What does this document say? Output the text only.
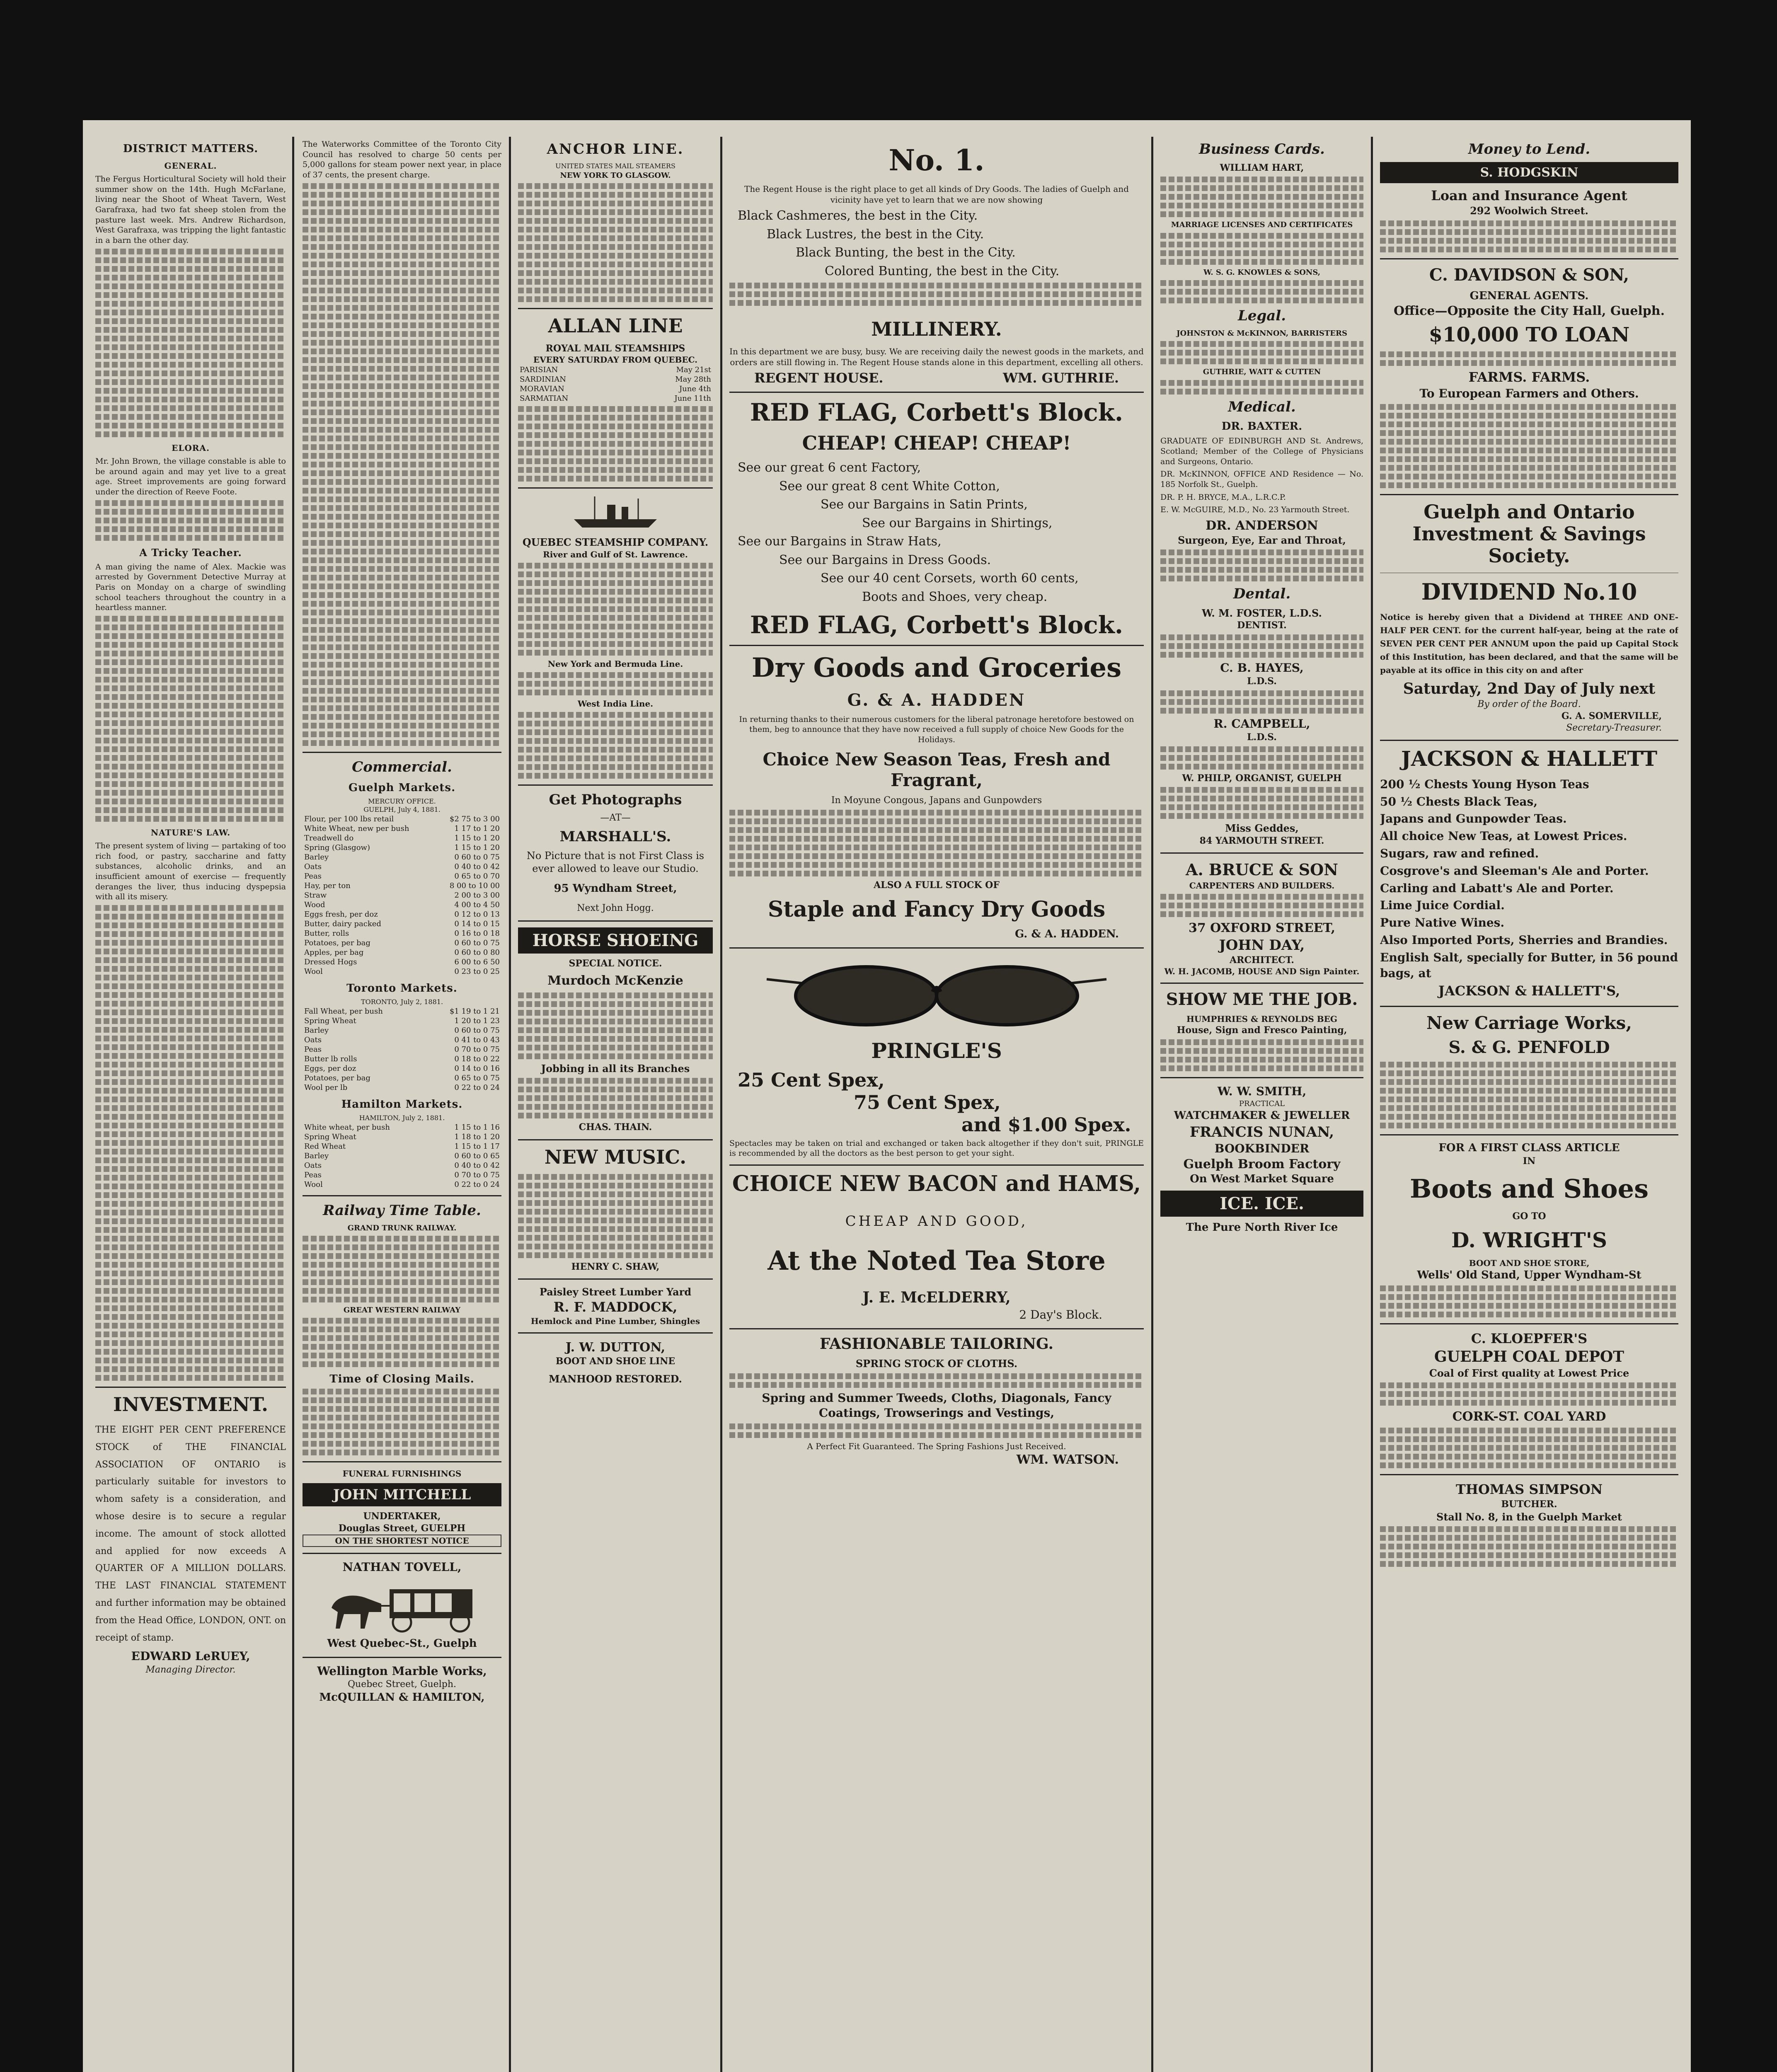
DISTRICT MATTERS.
GENERAL.

The Fergus Horticultural Society will hold their summer show on the 14th. Hugh McFarlane, living near the Shoot of Wheat Tavern, West Garafraxa, had two fat sheep stolen from the pasture last week. Mrs. Andrew Richardson, West Garafraxa, was tripping the light fantastic in a barn the other day.

ELORA.

Mr. John Brown, the village constable is able to be around again and may yet live to a great age. Street improvements are going forward under the direction of Reeve Foote.

A Tricky Teacher.

A man giving the name of Alex. Mackie was arrested by Government Detective Murray at Paris on Monday on a charge of swindling school teachers throughout the country in a heartless manner.

NATURE'S LAW.

The present system of living — partaking of too rich food, or pastry, saccharine and fatty substances, alcoholic drinks, and an insufficient amount of exercise — frequently deranges the liver, thus inducing dyspepsia with all its misery.

INVESTMENT.

THE EIGHT PER CENT PREFERENCE STOCK of THE FINANCIAL ASSOCIATION OF ONTARIO is particularly suitable for investors to whom safety is a consideration, and whose desire is to secure a regular income. The amount of stock allotted and applied for now exceeds A QUARTER OF A MILLION DOLLARS. THE LAST FINANCIAL STATEMENT and further information may be obtained from the Head Office, LONDON, ONT. on receipt of stamp.

EDWARD LeRUEY,
Managing Director.

The Waterworks Committee of the Toronto City Council has resolved to charge 50 cents per 5,000 gallons for steam power next year, in place of 37 cents, the present charge.

Commercial.
Guelph Markets.
MERCURY OFFICE.
GUELPH, July 4, 1881.
Flour, per 100 lbs retail	$2 75 to 3 00
White Wheat, new per bush	1 17 to 1 20
Treadwell do	1 15 to 1 20
Spring (Glasgow)	1 15 to 1 20
Barley	0 60 to 0 75
Oats	0 40 to 0 42
Peas	0 65 to 0 70
Hay, per ton	8 00 to 10 00
Straw	2 00 to 3 00
Wood	4 00 to 4 50
Eggs fresh, per doz	0 12 to 0 13
Butter, dairy packed	0 14 to 0 15
Butter, rolls	0 16 to 0 18
Potatoes, per bag	0 60 to 0 75
Apples, per bag	0 60 to 0 80
Dressed Hogs	6 00 to 6 50
Wool	0 23 to 0 25
Toronto Markets.
TORONTO, July 2, 1881.
Fall Wheat, per bush	$1 19 to 1 21
Spring Wheat	1 20 to 1 23
Barley	0 60 to 0 75
Oats	0 41 to 0 43
Peas	0 70 to 0 75
Butter lb rolls	0 18 to 0 22
Eggs, per doz	0 14 to 0 16
Potatoes, per bag	0 65 to 0 75
Wool per lb	0 22 to 0 24
Hamilton Markets.
HAMILTON, July 2, 1881.
White wheat, per bush	1 15 to 1 16
Spring Wheat	1 18 to 1 20
Red Wheat	1 15 to 1 17
Barley	0 60 to 0 65
Oats	0 40 to 0 42
Peas	0 70 to 0 75
Wool	0 22 to 0 24
Railway Time Table.
GRAND TRUNK RAILWAY.
GREAT WESTERN RAILWAY
Time of Closing Mails.
FUNERAL FURNISHINGS
JOHN MITCHELL
UNDERTAKER,
Douglas Street, GUELPH
ON THE SHORTEST NOTICE
NATHAN TOVELL,
West Quebec-St., Guelph
Wellington Marble Works,
Quebec Street, Guelph.
McQUILLAN & HAMILTON,
ANCHOR LINE.
UNITED STATES MAIL STEAMERS
NEW YORK TO GLASGOW.
ALLAN LINE
ROYAL MAIL STEAMSHIPS
EVERY SATURDAY FROM QUEBEC.
PARISIAN	May 21st
SARDINIAN	May 28th
MORAVIAN	June 4th
SARMATIAN	June 11th
QUEBEC STEAMSHIP COMPANY.
River and Gulf of St. Lawrence.
New York and Bermuda Line.
West India Line.
Get Photographs
—AT—
MARSHALL'S.
No Picture that is not First Class is ever allowed to leave our Studio.
95 Wyndham Street,
Next John Hogg.
HORSE SHOEING
SPECIAL NOTICE.
Murdoch McKenzie
Jobbing in all its Branches
CHAS. THAIN.
NEW MUSIC.
HENRY C. SHAW,
Paisley Street Lumber Yard
R. F. MADDOCK,
Hemlock and Pine Lumber, Shingles
J. W. DUTTON,
BOOT AND SHOE LINE
MANHOOD RESTORED.
No. 1.

The Regent House is the right place to get all kinds of Dry Goods. The ladies of Guelph and vicinity have yet to learn that we are now showing

Black Cashmeres, the best in the City.
Black Lustres, the best in the City.
Black Bunting, the best in the City.
Colored Bunting, the best in the City.
MILLINERY.

In this department we are busy, busy. We are receiving daily the newest goods in the markets, and orders are still flowing in. The Regent House stands alone in this department, excelling all others.

REGENT HOUSE.	WM. GUTHRIE.
RED FLAG, Corbett's Block.
CHEAP! CHEAP! CHEAP!
See our great 6 cent Factory,
See our great 8 cent White Cotton,
See our Bargains in Satin Prints,
See our Bargains in Shirtings,
See our Bargains in Straw Hats,
See our Bargains in Dress Goods.
See our 40 cent Corsets, worth 60 cents,
Boots and Shoes, very cheap.
RED FLAG, Corbett's Block.
Dry Goods and Groceries
G. & A. HADDEN

In returning thanks to their numerous customers for the liberal patronage heretofore bestowed on them, beg to announce that they have now received a full supply of choice New Goods for the Holidays.

Choice New Season Teas, Fresh and Fragrant,
In Moyune Congous, Japans and Gunpowders
ALSO A FULL STOCK OF
Staple and Fancy Dry Goods
G. & A. HADDEN.
PRINGLE'S
25 Cent Spex,
75 Cent Spex,
and $1.00 Spex.

Spectacles may be taken on trial and exchanged or taken back altogether if they don't suit, PRINGLE is recommended by all the doctors as the best person to get your sight.

CHOICE NEW BACON and HAMS,
CHEAP AND GOOD,
At the Noted Tea Store
J. E. McELDERRY,
2 Day's Block.
FASHIONABLE TAILORING.
SPRING STOCK OF CLOTHS.
Spring and Summer Tweeds, Cloths, Diagonals, Fancy Coatings, Trowserings and Vestings,
A Perfect Fit Guaranteed. The Spring Fashions Just Received.
WM. WATSON.
Business Cards.
WILLIAM HART,
MARRIAGE LICENSES AND CERTIFICATES
W. S. G. KNOWLES & SONS,
Legal.
JOHNSTON & McKINNON, BARRISTERS
GUTHRIE, WATT & CUTTEN
Medical.
DR. BAXTER.

GRADUATE OF EDINBURGH AND St. Andrews, Scotland; Member of the College of Physicians and Surgeons, Ontario.

DR. McKINNON, OFFICE AND Residence — No. 185 Norfolk St., Guelph.

DR. P. H. BRYCE, M.A., L.R.C.P.

E. W. McGUIRE, M.D., No. 23 Yarmouth Street.

DR. ANDERSON
Surgeon, Eye, Ear and Throat,
Dental.
W. M. FOSTER, L.D.S.
DENTIST.
C. B. HAYES,
L.D.S.
R. CAMPBELL,
L.D.S.
W. PHILP, ORGANIST, GUELPH
Miss Geddes,
84 YARMOUTH STREET.
A. BRUCE & SON
CARPENTERS AND BUILDERS.
37 OXFORD STREET,
JOHN DAY,
ARCHITECT.
W. H. JACOMB, HOUSE AND Sign Painter.
SHOW ME THE JOB.
HUMPHRIES & REYNOLDS BEG
House, Sign and Fresco Painting,
W. W. SMITH,
PRACTICAL
WATCHMAKER & JEWELLER
FRANCIS NUNAN,
BOOKBINDER
Guelph Broom Factory
On West Market Square
ICE. ICE.
The Pure North River Ice
Money to Lend.
S. HODGSKIN
Loan and Insurance Agent
292 Woolwich Street.
C. DAVIDSON & SON,
GENERAL AGENTS.
Office—Opposite the City Hall, Guelph.
$10,000 TO LOAN
FARMS. FARMS.
To European Farmers and Others.
Guelph and Ontario Investment & Savings Society.
DIVIDEND No.10

Notice is hereby given that a Dividend at THREE AND ONE-HALF PER CENT. for the current half-year, being at the rate of SEVEN PER CENT PER ANNUM upon the paid up Capital Stock of this Institution, has been declared, and that the same will be payable at its office in this city on and after

Saturday, 2nd Day of July next
By order of the Board.
G. A. SOMERVILLE,
Secretary-Treasurer.
JACKSON & HALLETT
200 ½ Chests Young Hyson Teas
50 ½ Chests Black Teas,
Japans and Gunpowder Teas.
All choice New Teas, at Lowest Prices.
Sugars, raw and refined.
Cosgrove's and Sleeman's Ale and Porter.
Carling and Labatt's Ale and Porter.
Lime Juice Cordial.
Pure Native Wines.
Also Imported Ports, Sherries and Brandies.
English Salt, specially for Butter, in 56 pound bags, at
JACKSON & HALLETT'S,
New Carriage Works,
S. & G. PENFOLD
FOR A FIRST CLASS ARTICLE
IN
Boots and Shoes
GO TO
D. WRIGHT'S
BOOT AND SHOE STORE,
Wells' Old Stand, Upper Wyndham-St
C. KLOEPFER'S
GUELPH COAL DEPOT
Coal of First quality at Lowest Price
CORK-ST. COAL YARD
THOMAS SIMPSON
BUTCHER.
Stall No. 8, in the Guelph Market
